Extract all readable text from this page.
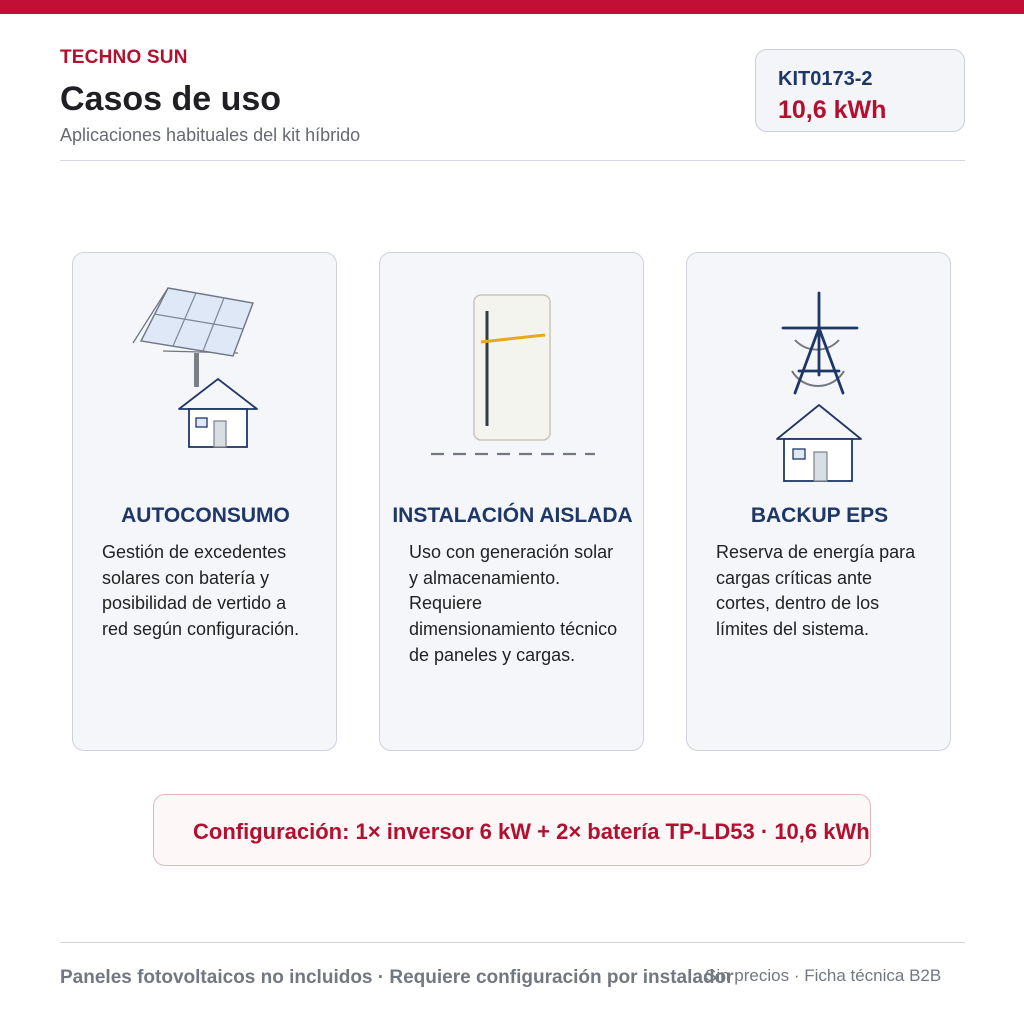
TECHNO SUN
Casos de uso
Aplicaciones habituales del kit híbrido
KIT0173-2
10,6 kWh
AUTOCONSUMO
Gestión de excedentes solares con batería y posibilidad de vertido a red según configuración.
INSTALACIÓN AISLADA
Uso con generación solar y almacenamiento. Requiere dimensionamiento técnico de paneles y cargas.
BACKUP EPS
Reserva de energía para cargas críticas ante cortes, dentro de los límites del sistema.
Configuración: 1× inversor 6 kW + 2× batería TP-LD53 · 10,6 kWh
Paneles fotovoltaicos no incluidos · Requiere configuración por instalador
Sin precios · Ficha técnica B2B
